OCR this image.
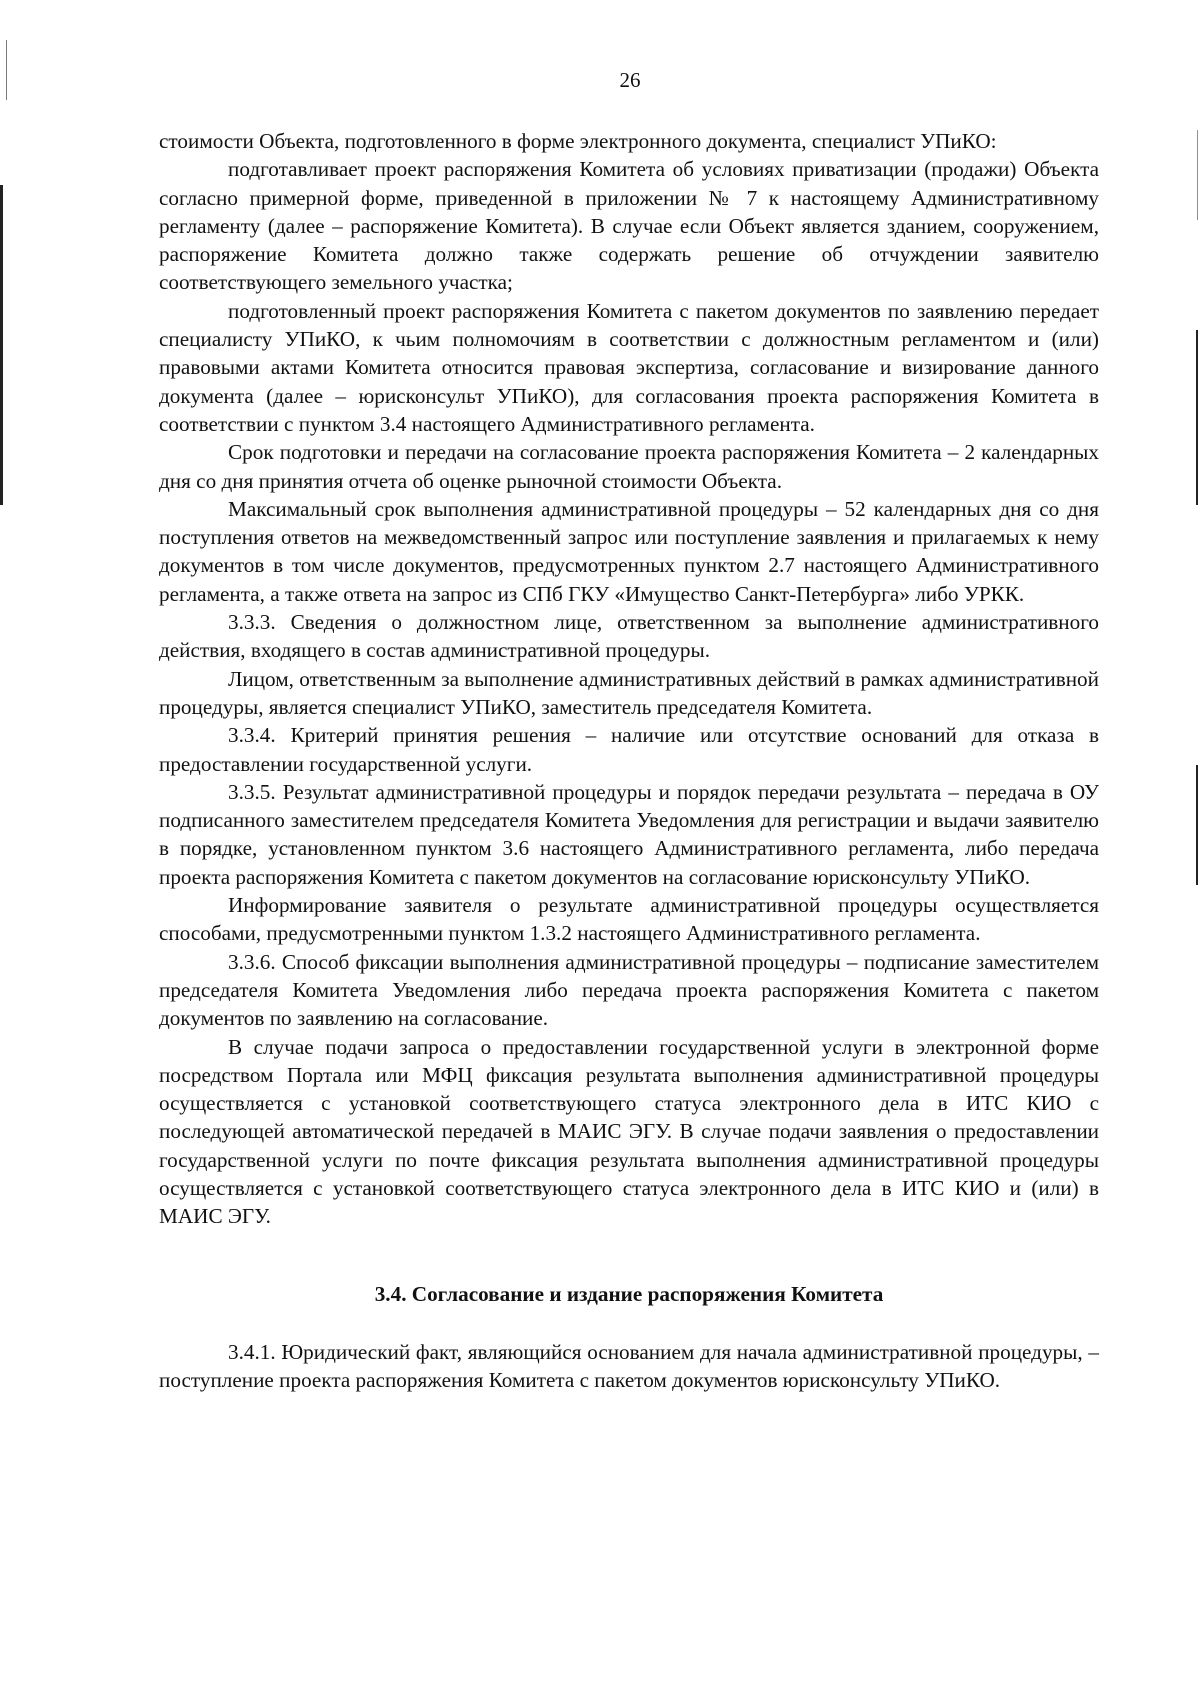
26

стоимости Объекта, подготовленного в форме электронного документа, специалист УПиКО:

подготавливает проект распоряжения Комитета об условиях приватизации (продажи) Объекта согласно примерной форме, приведенной в приложении № 7 к настоящему Административному регламенту (далее – распоряжение Комитета). В случае если Объект является зданием, сооружением, распоряжение Комитета должно также содержать решение об отчуждении заявителю соответствующего земельного участка;

подготовленный проект распоряжения Комитета с пакетом документов по заявлению передает специалисту УПиКО, к чьим полномочиям в соответствии с должностным регламентом и (или) правовыми актами Комитета относится правовая экспертиза, согласование и визирование данного документа (далее – юрисконсульт УПиКО), для согласования проекта распоряжения Комитета в соответствии с пунктом 3.4 настоящего Административного регламента.

Срок подготовки и передачи на согласование проекта распоряжения Комитета – 2 календарных дня со дня принятия отчета об оценке рыночной стоимости Объекта.

Максимальный срок выполнения административной процедуры – 52 календарных дня со дня поступления ответов на межведомственный запрос или поступление заявления и прилагаемых к нему документов в том числе документов, предусмотренных пунктом 2.7 настоящего Административного регламента, а также ответа на запрос из СПб ГКУ «Имущество Санкт-Петербурга» либо УРКК.

3.3.3. Сведения о должностном лице, ответственном за выполнение административного действия, входящего в состав административной процедуры.

Лицом, ответственным за выполнение административных действий в рамках административной процедуры, является специалист УПиКО, заместитель председателя Комитета.

3.3.4. Критерий принятия решения – наличие или отсутствие оснований для отказа в предоставлении государственной услуги.

3.3.5. Результат административной процедуры и порядок передачи результата – передача в ОУ подписанного заместителем председателя Комитета Уведомления для регистрации и выдачи заявителю в порядке, установленном пунктом 3.6 настоящего Административного регламента, либо передача проекта распоряжения Комитета с пакетом документов на согласование юрисконсульту УПиКО.

Информирование заявителя о результате административной процедуры осуществляется способами, предусмотренными пунктом 1.3.2 настоящего Административного регламента.

3.3.6. Способ фиксации выполнения административной процедуры – подписание заместителем председателя Комитета Уведомления либо передача проекта распоряжения Комитета с пакетом документов по заявлению на согласование.

В случае подачи запроса о предоставлении государственной услуги в электронной форме посредством Портала или МФЦ фиксация результата выполнения административной процедуры осуществляется с установкой соответствующего статуса электронного дела в ИТС КИО с последующей автоматической передачей в МАИС ЭГУ. В случае подачи заявления о предоставлении государственной услуги по почте фиксация результата выполнения административной процедуры осуществляется с установкой соответствующего статуса электронного дела в ИТС КИО и (или) в МАИС ЭГУ.

3.4. Согласование и издание распоряжения Комитета

3.4.1. Юридический факт, являющийся основанием для начала административной процедуры, – поступление проекта распоряжения Комитета с пакетом документов юрисконсульту УПиКО.
